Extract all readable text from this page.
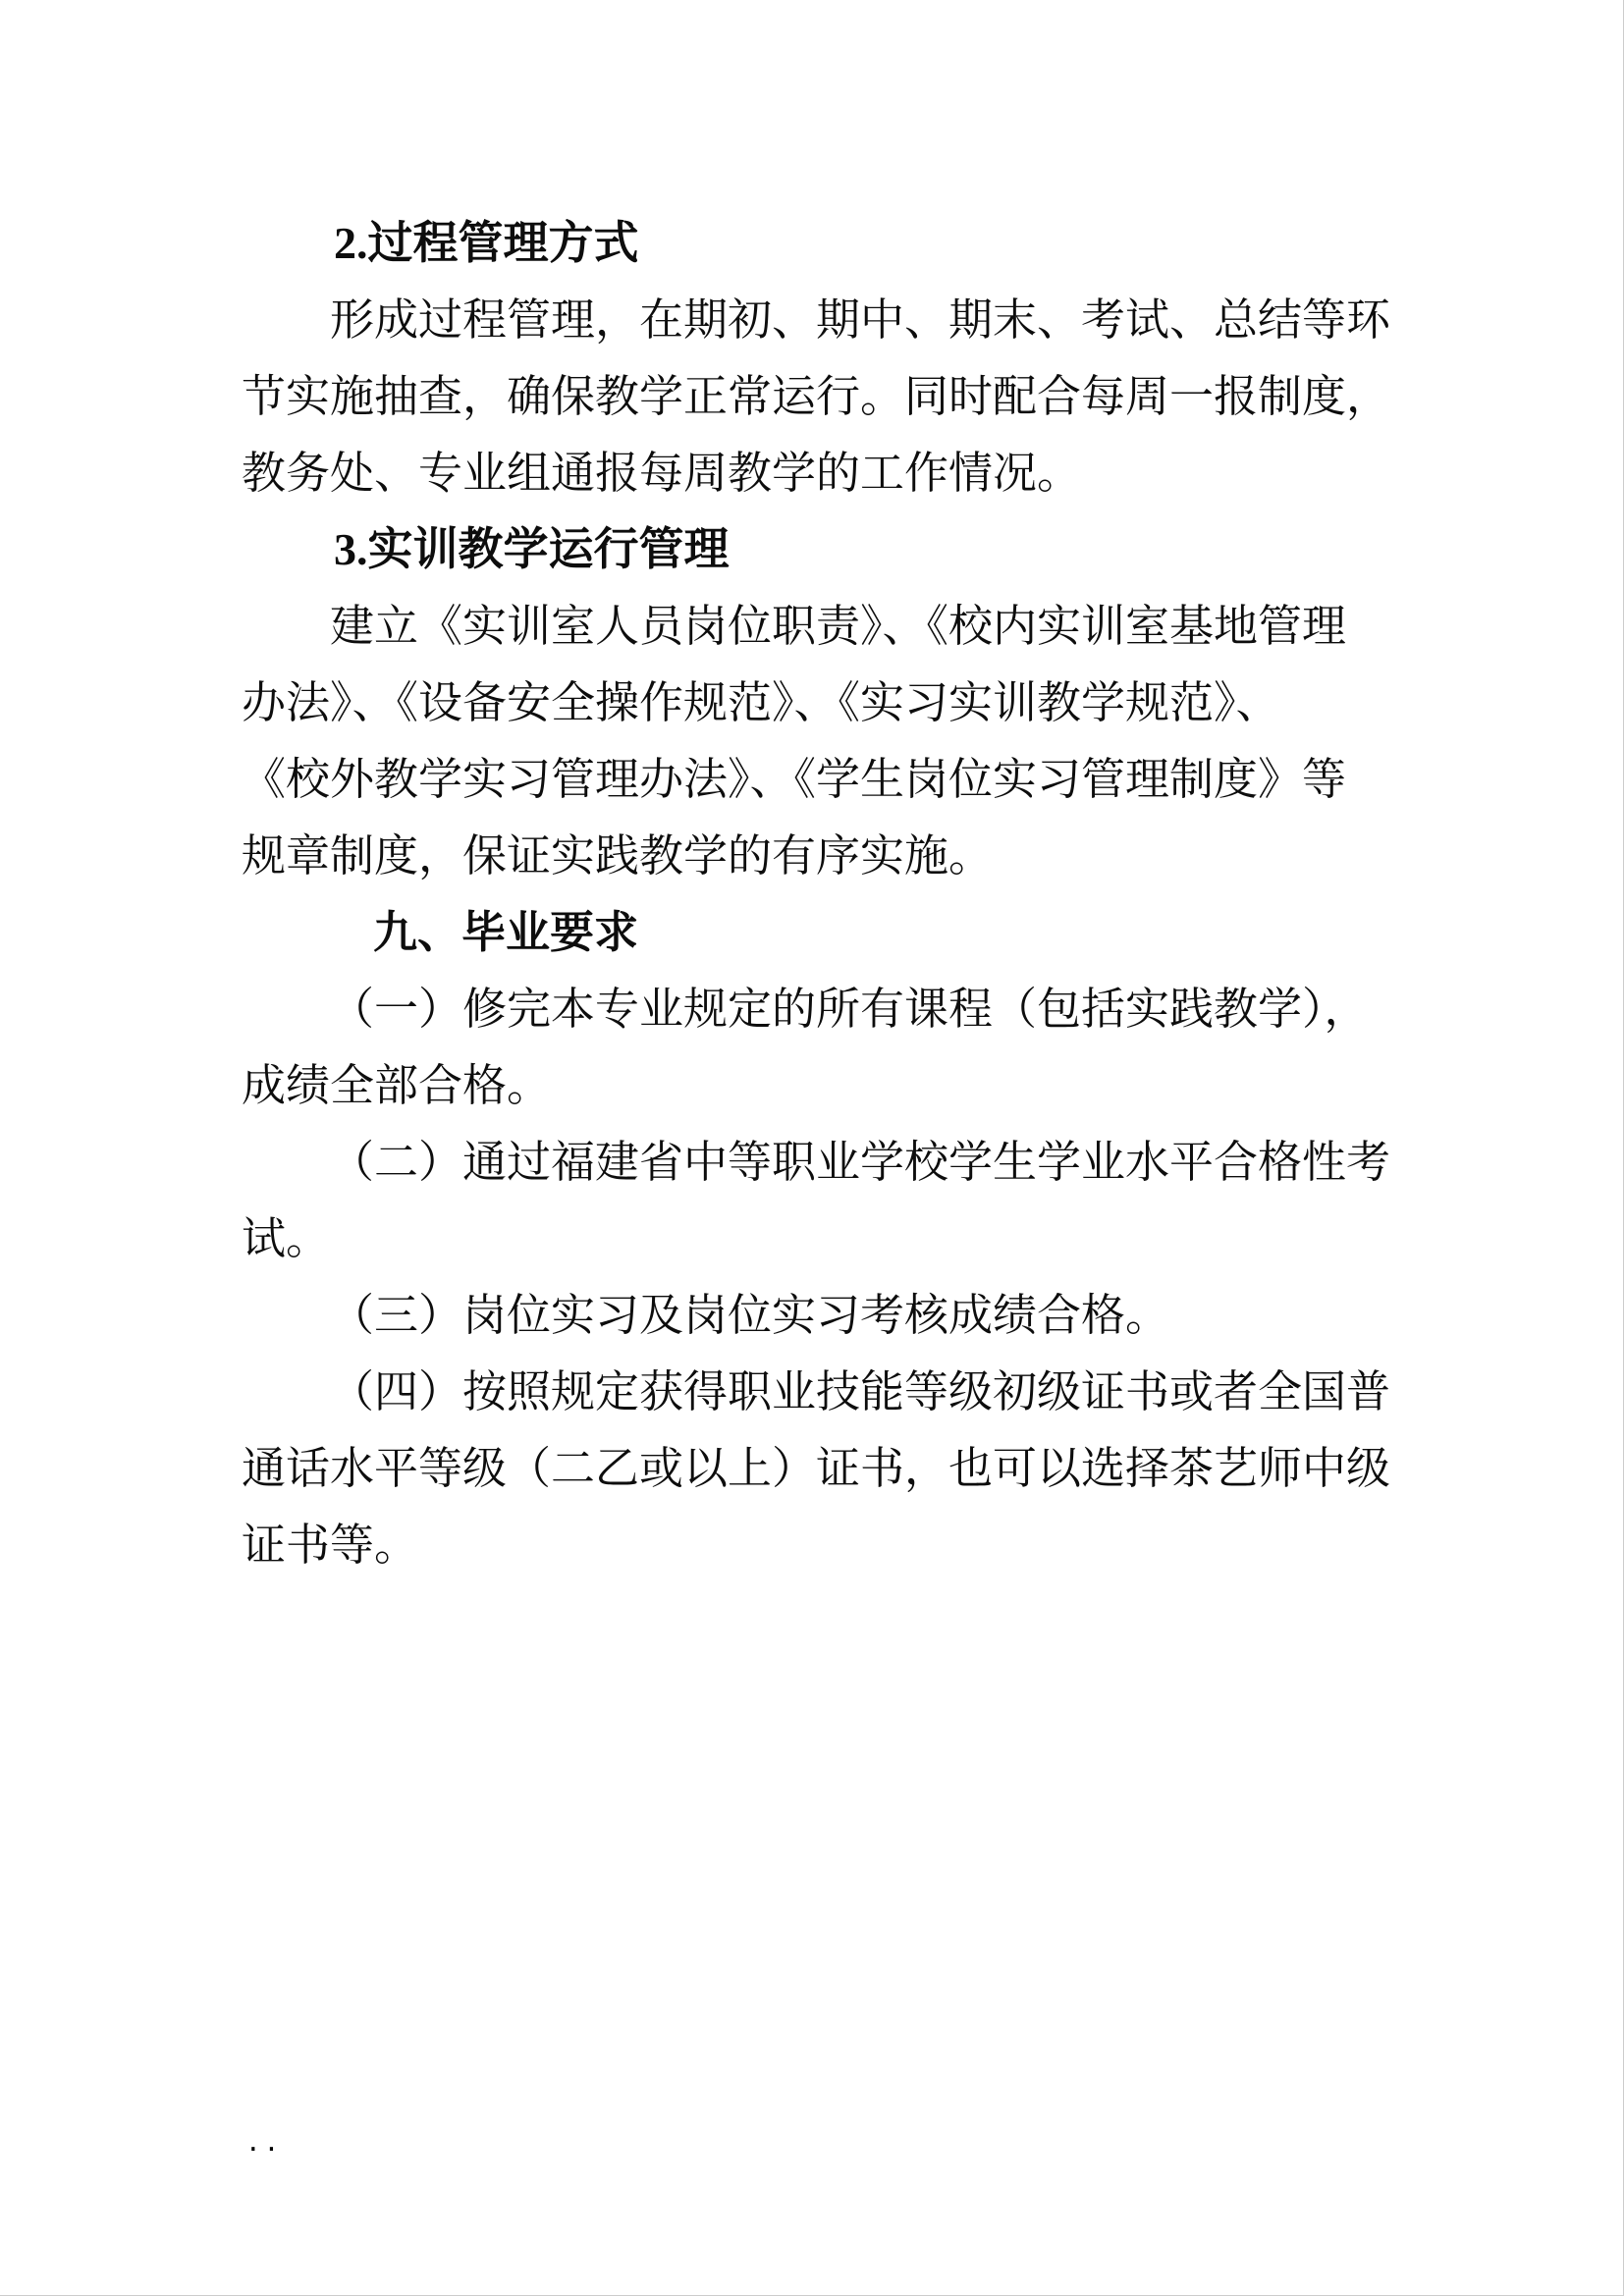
2.过程管理方式
形成过程管理，在期初、期中、期末、考试、总结等环
节实施抽查，确保教学正常运行。同时配合每周一报制度，
教务处、专业组通报每周教学的工作情况。
3.实训教学运行管理
建立《实训室人员岗位职责》、《校内实训室基地管理
办法》、《设备安全操作规范》、《实习实训教学规范》、
《校外教学实习管理办法》、《学生岗位实习管理制度》等
规章制度，保证实践教学的有序实施。
九、毕业要求
（一）修完本专业规定的所有课程（包括实践教学），
成绩全部合格。
（二）通过福建省中等职业学校学生学业水平合格性考
试。
（三）岗位实习及岗位实习考核成绩合格。
（四）按照规定获得职业技能等级初级证书或者全国普
通话水平等级（二乙或以上）证书，也可以选择茶艺师中级
证书等。
..
